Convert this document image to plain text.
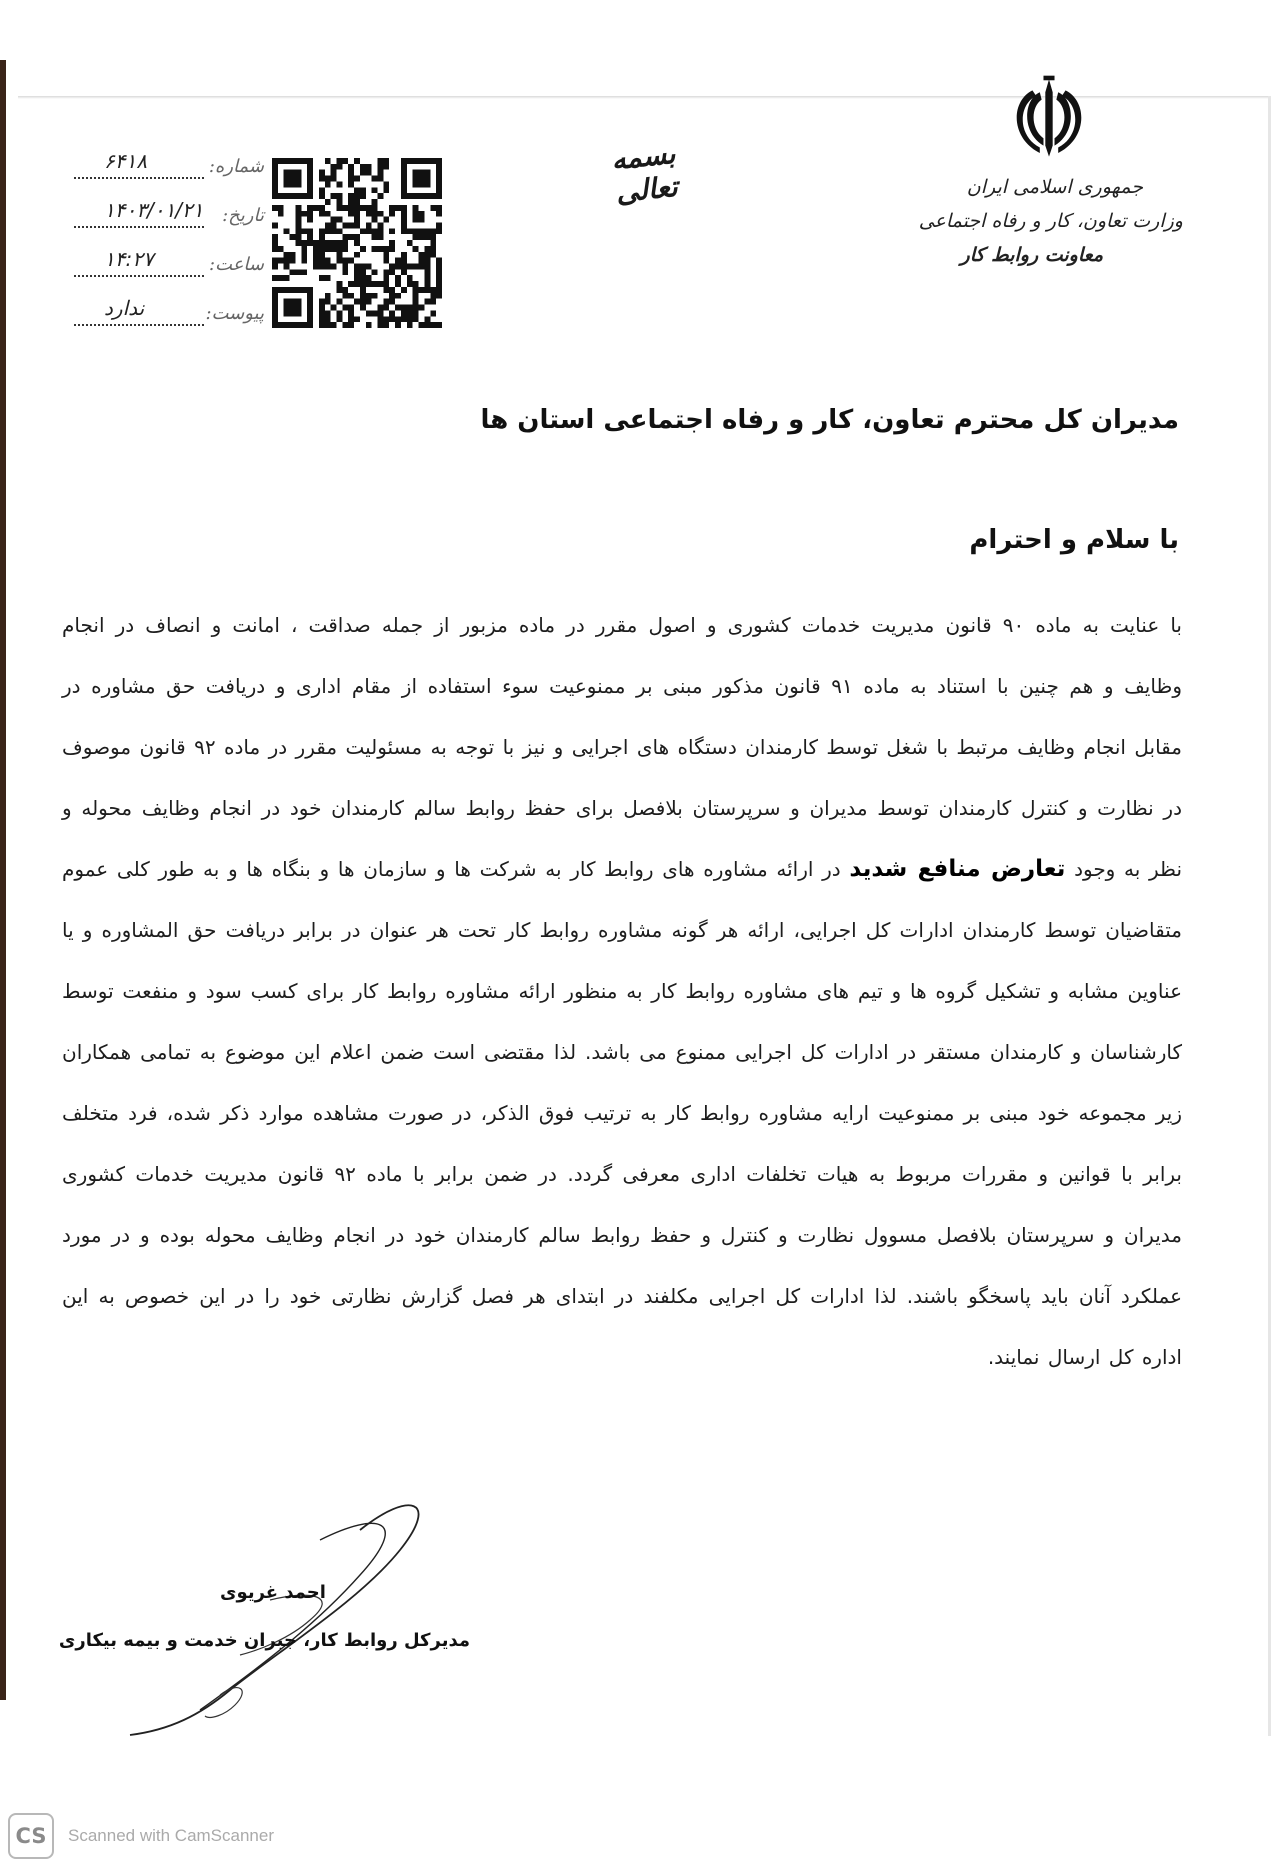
جمهوری اسلامی ایران
وزارت تعاون، کار و رفاه اجتماعی
معاونت روابط کار
بسمه تعالی
شماره:
۶۴۱۸
تاریخ:
۱۴۰۳/۰۱/۲۱
ساعت:
۱۴:۲۷
پیوست:
ندارد
مدیران کل محترم تعاون، کار و رفاه اجتماعی استان ها
با سلام و احترام
با عنایت به ماده ۹۰ قانون مدیریت خدمات کشوری و اصول مقرر در ماده مزبور از جمله صداقت ، امانت و انصاف در انجام وظایف و هم چنین با استناد به ماده ۹۱ قانون مذکور مبنی بر ممنوعیت سوء استفاده از مقام اداری و دریافت حق مشاوره در مقابل انجام وظایف مرتبط با شغل توسط کارمندان دستگاه های اجرایی و نیز با توجه به مسئولیت مقرر در ماده ۹۲ قانون موصوف در نظارت و کنترل کارمندان توسط مدیران و سرپرستان بلافصل برای حفظ روابط سالم کارمندان خود در انجام وظایف محوله و نظر به وجود تعارض منافع شدید در ارائه مشاوره های روابط کار به شرکت ها و سازمان ها و بنگاه ها و به طور کلی عموم متقاضیان توسط کارمندان ادارات کل اجرایی، ارائه هر گونه مشاوره روابط کار تحت هر عنوان در برابر دریافت حق المشاوره و یا عناوین مشابه و تشکیل گروه ها و تیم های مشاوره روابط کار به منظور ارائه مشاوره روابط کار برای کسب سود و منفعت توسط کارشناسان و کارمندان مستقر در ادارات کل اجرایی ممنوع می باشد. لذا مقتضی است ضمن اعلام این موضوع به تمامی همکاران زیر مجموعه خود مبنی بر ممنوعیت ارایه مشاوره روابط کار به ترتیب فوق الذکر، در صورت مشاهده موارد ذکر شده، فرد متخلف برابر با قوانین و مقررات مربوط به هیات تخلفات اداری معرفی گردد. در ضمن برابر با ماده ۹۲ قانون مدیریت خدمات کشوری مدیران و سرپرستان بلافصل مسوول نظارت و کنترل و حفظ روابط سالم کارمندان خود در انجام وظایف محوله بوده و در مورد عملکرد آنان باید پاسخگو باشند. لذا ادارات کل اجرایی مکلفند در ابتدای هر فصل گزارش نظارتی خود را در این خصوص به این اداره کل ارسال نمایند.
احمد غریوی
مدیرکل روابط کار، جبران خدمت و بیمه بیکاری
CS	Scanned with CamScanner
